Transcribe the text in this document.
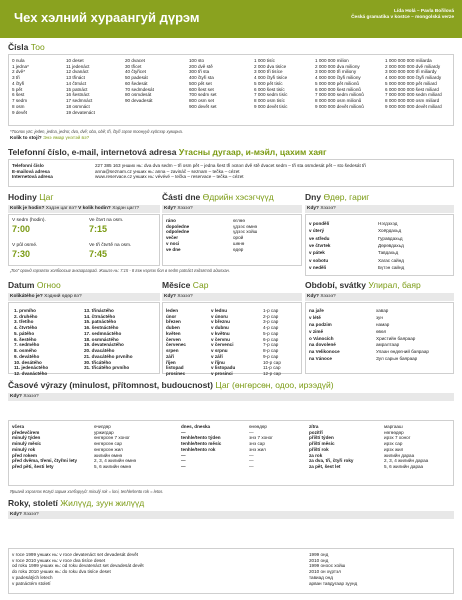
Чех хэлний хураангуй дүрэм	Lída Holá – Pavla Bořilová
Česká gramatika v kostce – mongolská verze
Čísla Тоо
0 nula
1 jedna*
2 dvě*
3 tři
4 čtyři
5 pět
6 šest
7 sedm
8 osm
9 devět
10 deset
11 jedenáct
12 dvanáct
13 třináct
14 čtrnáct
15 patnáct
16 šestnáct
17 sedmnáct
18 osmnáct
19 devatenáct
20 dvacet
30 třicet
40 čtyřicet
50 padesát
60 šedesát
70 sedmdesát
80 osmdesát
90 devadesát
100 sto
200 dvě stě
300 tři sta
400 čtyři sta
500 pět set
600 šest set
700 sedm set
800 osm set
900 devět set
1 000 tisíc
2 000 dva tisíce
3 000 tři tisíce
4 000 čtyři tisíce
5 000 pět tisíc
6 000 šest tisíc
7 000 sedm tisíc
8 000 osm tisíc
9 000 devět tisíc
1 000 000 milion
2 000 000 dva miliony
3 000 000 tři miliony
4 000 000 čtyři miliony
5 000 000 pět milionů
6 000 000 šest milionů
7 000 000 sedm milionů
8 000 000 osm milionů
9 000 000 devět milionů
1 000 000 000 miliarda
2 000 000 000 dvě miliardy
3 000 000 000 tři miliardy
4 000 000 000 čtyři miliardy
5 000 000 000 pět miliard
6 000 000 000 šest miliard
7 000 000 000 sedm miliard
8 000 000 000 osm miliard
9 000 000 000 devět miliard
*Тоолох үгс: jeden, jedna, jedno; dva, dvě; oba, obě; tři, čtyři зэрэг тоонууд хүйсээр хувирна.
Kolik to stojí? Энэ ямар үнэтэй вэ?
Telefonní číslo, e-mail, internetová adresa Утасны дугаар, и-мэйл, цахим хаяг
Telefonní číslo
E-mailová adresa
Internetová adresa
227 385 163 унших нь: dva dva sedm – tři osm pět – jedna šest tři эсвэл dvě stě dvacet sedm – tři sta osmdesát pět – sto šedesát tři
anna@seznam.cz унших нь: anna – zavináč – seznam – tečka – cézet
www.reservace.cz унших нь: vévévé – tečka – reservace – tečka – cézet
Hodiny Цаг
Kolik je hodin? Хэдэн цаг вэ? V kolik hodin? Хэдэн цагт?
V sedm (hodin).
7:00
Ve čtvrt na osm.
7:15
V půl osmé.
7:30
Ve tři čtvrtě na osm.
7:45
„Тоо“ оронд хэрэглэх холбоосыг анхаараарай. Жишээ нь: 7:15 - 8 гэж нэрлэх бол в sedm patnáct гэдэгтэй адилхан.
Části dne Өдрийн хэсэгчүүд
Kdy? Хэзээ?
ráno
dopoledne
odpoledne
večer
v noci
ve dne
өглөө
үдээс өмнө
үдээс хойш
орой
шөнө
өдөр
Dny Өдөр, гариг
Kdy? Хэзээ?
v pondělí
v úterý
ve středu
ve čtvrtek
v pátek
v sobotu
v neděli
Нэгдэхэд
Хоёрдахьд
Гуравдахьд
Дөрөвдахьд
Тавдахьд
Хагас сайнд
Бүтэн сайнд
Datum Огноо
Kolikátého je? Хэдний өдөр вэ?
1. prvního
2. druhého
3. třetího
4. čtvrtého
5. pátého
6. šestého
7. sedmého
8. osmého
9. devátého
10. desátého
11. jedenáctého
12. dvanáctého
13. třináctého
14. čtrnáctého
15. patnáctého
16. šestnáctého
17. sedmnáctého
18. osmnáctého
19. devatenáctého
20. dvacátého
21. dvacátého prvního
30. třicátého
31. třicátého prvního
Měsíce Сар
Kdy? Хэзээ?
leden
únor
březen
duben
květen
červen
červenec
srpen
září
říjen
listopad
prosinec
v lednu
v únoru
v březnu
v dubnu
v květnu
v červnu
v červenci
v srpnu
v září
v říjnu
v listopadu
v prosinci
1-р сар
2-р сар
3-р сар
4-р сар
5-р сар
6-р сар
7-р сар
8-р сар
9-р сар
10-р сар
11-р сар
12-р сар
Období, svátky Улирал, баяр
Kdy? Хэзээ?
na jaře
v létě
na podzim
v zimě
o Vánocích
na dovolené
na Velikonoce
na Vánoce
хавар
зун
намар
өвөл
Христийн баяраар
амралтаар
Улаан өндөгний баяраар
Зул сарын баяраар
Časové výrazy (minulost, přítomnost, budoucnost) Цаг (өнгөрсөн, одоо, ирээдүй)
Kdy? Хэзээ?
včera
předevčírem
minulý týden
minulý měsíc
minulý rok
před rokem
před dvěma, třemi, čtyřmi lety
před pěti, šesti lety
өчигдөр
уржигдар
өнгөрсөн 7 хоног
өнгөрсөн сар
өнгөрсөн жил
жилийн өмнө
2, 3, 4 жилийн өмнө
5, 6 жилийн өмнө
dnes, dneska
—
tenhle/tento týden
tenhle/tento měsíc
tenhle/tento rok
—
—
—
өнөөдөр
—
энэ 7 хоног
энэ сар
энэ жил
—
—
—
zítra
pozítří
příští týden
příští měsíc
příští rok
za rok
za dva, tři, čtyři roky
za pět, šest let
маргааш
нөгөөдөр
ирэх 7 хоног
ирэх сар
ирэх жил
жилийн дараа
2, 3, 4 жилийн дараа
5, 6 жилийн дараа
Ярианд хэрэглэх ёсгүй зарим хэлбэрүүд: minulý rok = loni, tenhle/tento rok = letos.
Roky, století Жилүүд, зуун жилүүд
Kdy? Хэзээ?
v roce 1999 унших нь: v roce devatenáct set devadesát devět
v roce 2010 унших нь: v roce dva tisíce deset
od roku 1999 унших нь: od roku devatenáct set devadesát devět
do roku 2010 унших нь: do roku dva tisíce deset
v padesátých letech
v patnáctém století
1999 онд
2010 онд
1999 оноос хойш
2010 он хүртэл
тавиад онд
арван тавдугаар зуунд
